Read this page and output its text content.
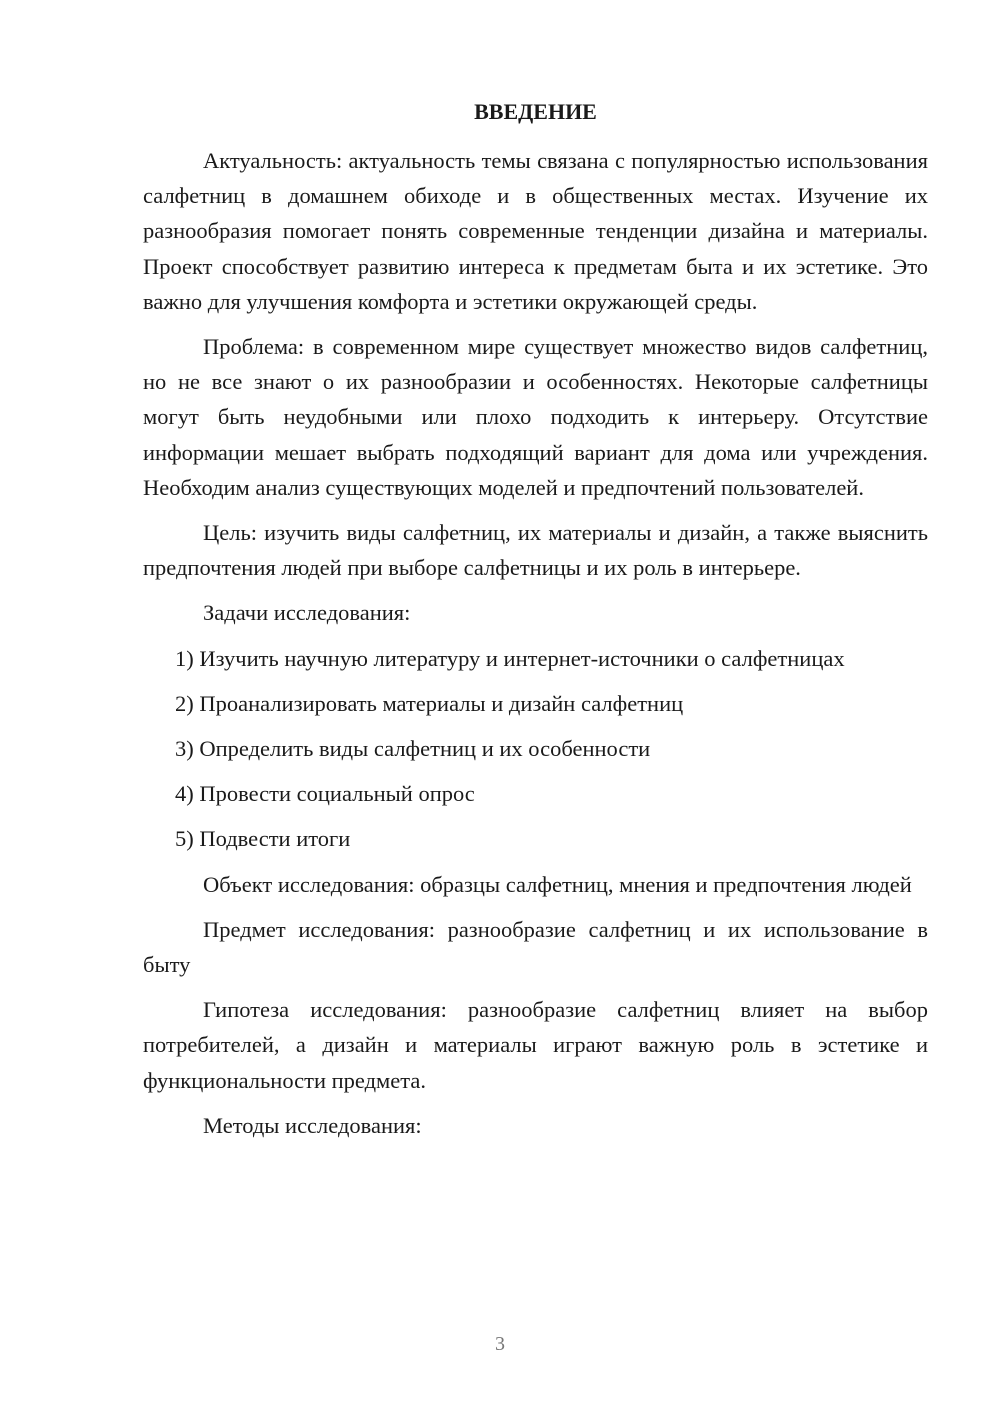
ВВЕДЕНИЕ

Актуальность: актуальность темы связана с популярностью использования салфетниц в домашнем обиходе и в общественных местах. Изучение их разнообразия помогает понять современные тенденции дизайна и материалы. Проект способствует развитию интереса к предметам быта и их эстетике. Это важно для улучшения комфорта и эстетики окружающей среды.

Проблема: в современном мире существует множество видов салфетниц, но не все знают о их разнообразии и особенностях. Некоторые салфетницы могут быть неудобными или плохо подходить к интерьеру. Отсутствие информации мешает выбрать подходящий вариант для дома или учреждения. Необходим анализ существующих моделей и предпочтений пользователей.

Цель: изучить виды салфетниц, их материалы и дизайн, а также выяснить предпочтения людей при выборе салфетницы и их роль в интерьере.

Задачи исследования:

1) Изучить научную литературу и интернет-источники о салфетницах

2) Проанализировать материалы и дизайн салфетниц

3) Определить виды салфетниц и их особенности

4) Провести социальный опрос

5) Подвести итоги

Объект исследования: образцы салфетниц, мнения и предпочтения людей

Предмет исследования: разнообразие салфетниц и их использование в быту

Гипотеза исследования: разнообразие салфетниц влияет на выбор потребителей, а дизайн и материалы играют важную роль в эстетике и функциональности предмета.

Методы исследования:

3
